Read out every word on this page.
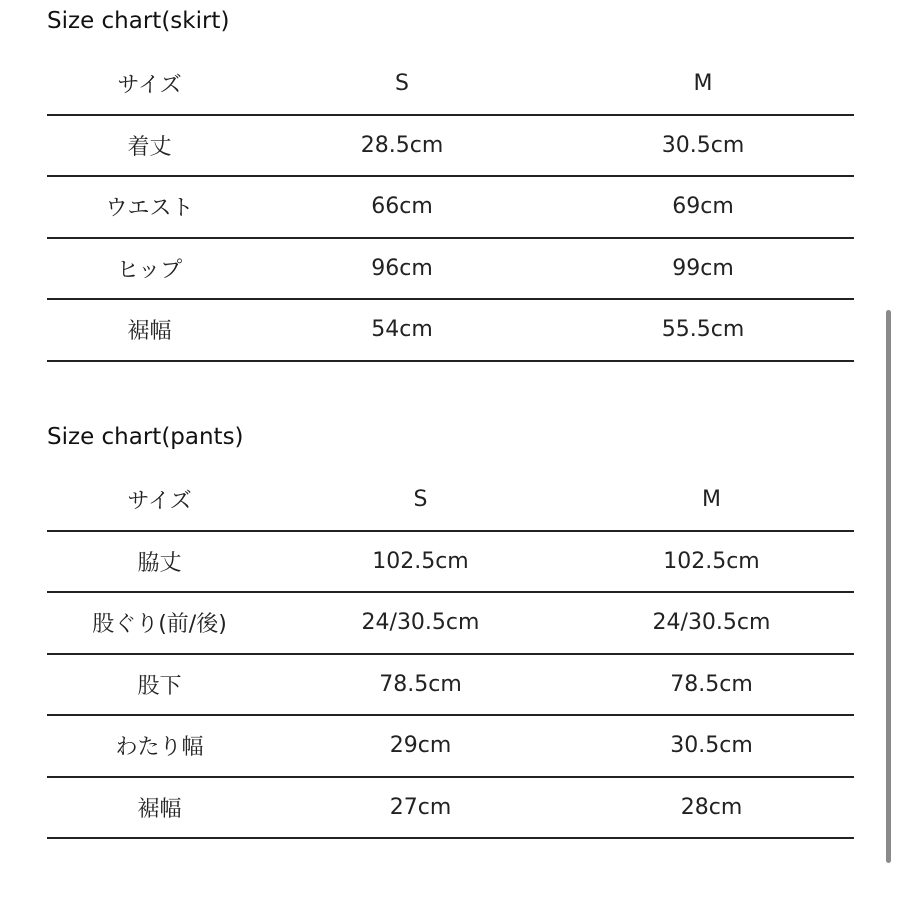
Size chart(skirt)
サイズ	S	M
着丈	28.5cm	30.5cm
ウエスト	66cm	69cm
ヒップ	96cm	99cm
裾幅	54cm	55.5cm
Size chart(pants)
サイズ	S	M
脇丈	102.5cm	102.5cm
股ぐり(前/後)	24/30.5cm	24/30.5cm
股下	78.5cm	78.5cm
わたり幅	29cm	30.5cm
裾幅	27cm	28cm
